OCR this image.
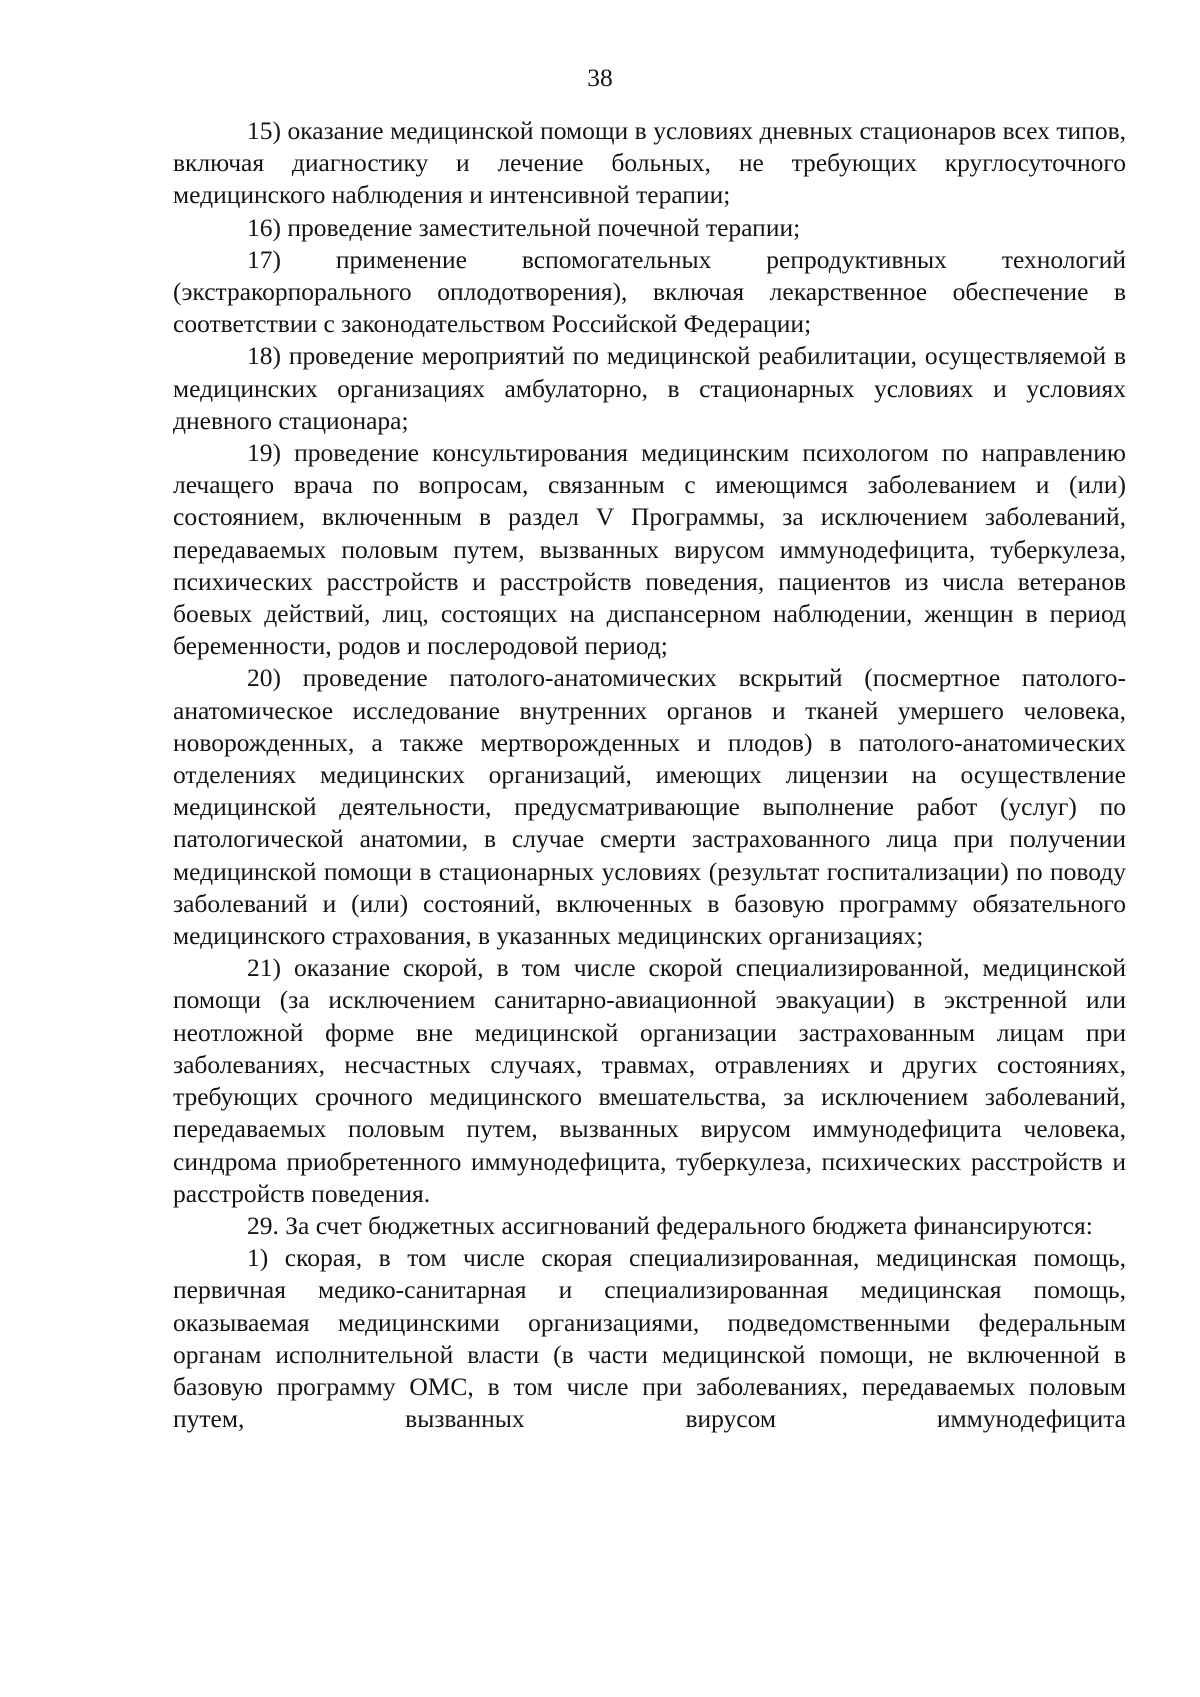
38

15) оказание медицинской помощи в условиях дневных стационаров всех типов, включая диагностику и лечение больных, не требующих круглосуточного медицинского наблюдения и интенсивной терапии;

16) проведение заместительной почечной терапии;

17) применение вспомогательных репродуктивных технологий (экстракорпорального оплодотворения), включая лекарственное обеспечение в соответствии с законодательством Российской Федерации;

18) проведение мероприятий по медицинской реабилитации, осуществляемой в медицинских организациях амбулаторно, в стационарных условиях и условиях дневного стационара;

19) проведение консультирования медицинским психологом по направлению лечащего врача по вопросам, связанным с имеющимся заболеванием и (или) состоянием, включенным в раздел V Программы, за исключением заболеваний, передаваемых половым путем, вызванных вирусом иммунодефицита, туберкулеза, психических расстройств и расстройств поведения, пациентов из числа ветеранов боевых действий, лиц, состоящих на диспансерном наблюдении, женщин в период беременности, родов и послеродовой период;

20) проведение патолого-анатомических вскрытий (посмертное патолого-анатомическое исследование внутренних органов и тканей умершего человека, новорожденных, а также мертворожденных и плодов) в патолого-анатомических отделениях медицинских организаций, имеющих лицензии на осуществление медицинской деятельности, предусматривающие выполнение работ (услуг) по патологической анатомии, в случае смерти застрахованного лица при получении медицинской помощи в стационарных условиях (результат госпитализации) по поводу заболеваний и (или) состояний, включенных в базовую программу обязательного медицинского страхования, в указанных медицинских организациях;

21) оказание скорой, в том числе скорой специализированной, медицинской помощи (за исключением санитарно-авиационной эвакуации) в экстренной или неотложной форме вне медицинской организации застрахованным лицам при заболеваниях, несчастных случаях, травмах, отравлениях и других состояниях, требующих срочного медицинского вмешательства, за исключением заболеваний, передаваемых половым путем, вызванных вирусом иммунодефицита человека, синдрома приобретенного иммунодефицита, туберкулеза, психических расстройств и расстройств поведения.

29. За счет бюджетных ассигнований федерального бюджета финансируются:

1) скорая, в том числе скорая специализированная, медицинская помощь, первичная медико-санитарная и специализированная медицинская помощь, оказываемая медицинскими организациями, подведомственными федеральным органам исполнительной власти (в части медицинской помощи, не включенной в базовую программу ОМС, в том числе при заболеваниях, передаваемых половым путем, вызванных вирусом иммунодефицита
